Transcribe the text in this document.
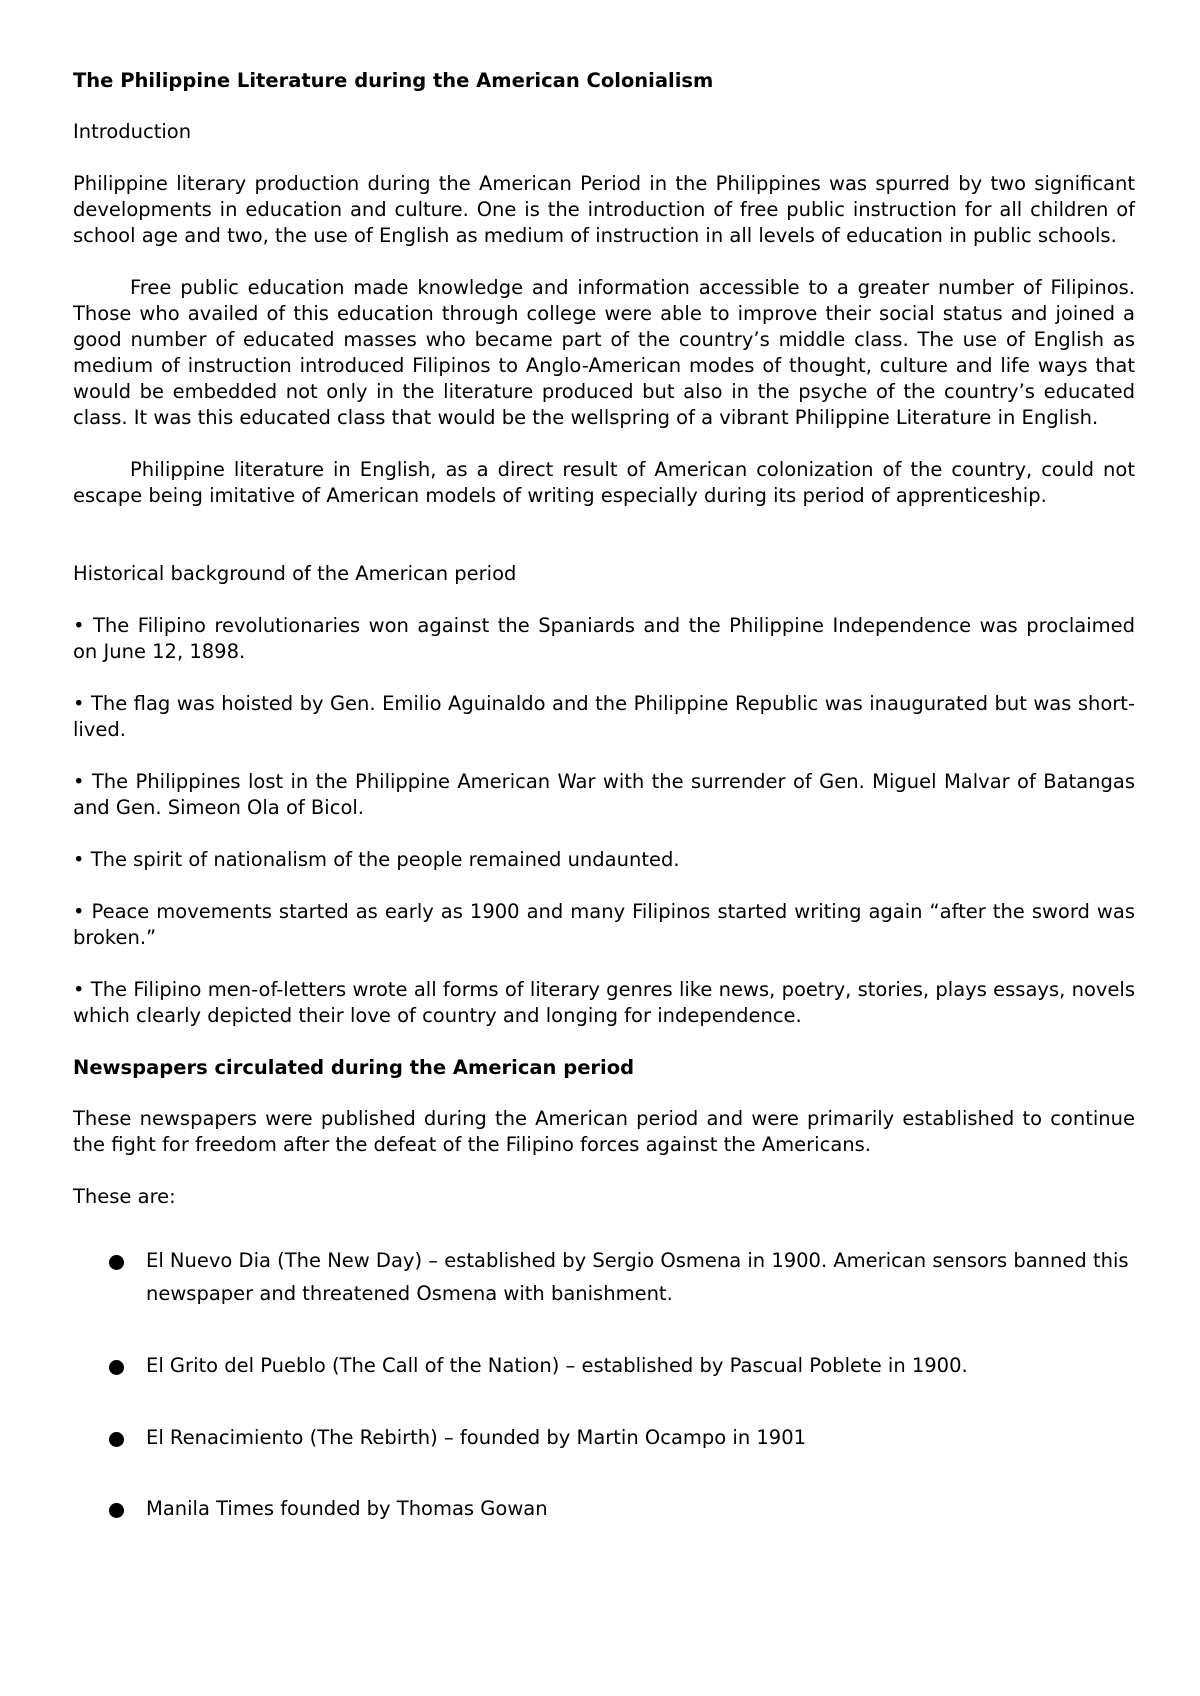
The Philippine Literature during the American Colonialism

Introduction

Philippine literary production during the American Period in the Philippines was spurred by two significant developments in education and culture. One is the introduction of free public instruction for all children of school age and two, the use of English as medium of instruction in all levels of education in public schools.

Free public education made knowledge and information accessible to a greater number of Filipinos. Those who availed of this education through college were able to improve their social status and joined a good number of educated masses who became part of the country’s middle class. The use of English as medium of instruction introduced Filipinos to Anglo-American modes of thought, culture and life ways that would be embedded not only in the literature produced but also in the psyche of the country’s educated class. It was this educated class that would be the wellspring of a vibrant Philippine Literature in English.

Philippine literature in English, as a direct result of American colonization of the country, could not escape being imitative of American models of writing especially during its period of apprenticeship.

Historical background of the American period

• The Filipino revolutionaries won against the Spaniards and the Philippine Independence was proclaimed on June 12, 1898.

• The flag was hoisted by Gen. Emilio Aguinaldo and the Philippine Republic was inaugurated but was short-lived.

• The Philippines lost in the Philippine American War with the surrender of Gen. Miguel Malvar of Batangas and Gen. Simeon Ola of Bicol.

• The spirit of nationalism of the people remained undaunted.

• Peace movements started as early as 1900 and many Filipinos started writing again “after the sword was broken.”

• The Filipino men-of-letters wrote all forms of literary genres like news, poetry, stories, plays essays, novels which clearly depicted their love of country and longing for independence.

Newspapers circulated during the American period

These newspapers were published during the American period and were primarily established to continue the fight for freedom after the defeat of the Filipino forces against the Americans.

These are:

El Nuevo Dia (The New Day) – established by Sergio Osmena in 1900. American sensors banned this newspaper and threatened Osmena with banishment.
El Grito del Pueblo (The Call of the Nation) – established by Pascual Poblete in 1900.
El Renacimiento (The Rebirth) – founded by Martin Ocampo in 1901
Manila Times founded by Thomas Gowan
